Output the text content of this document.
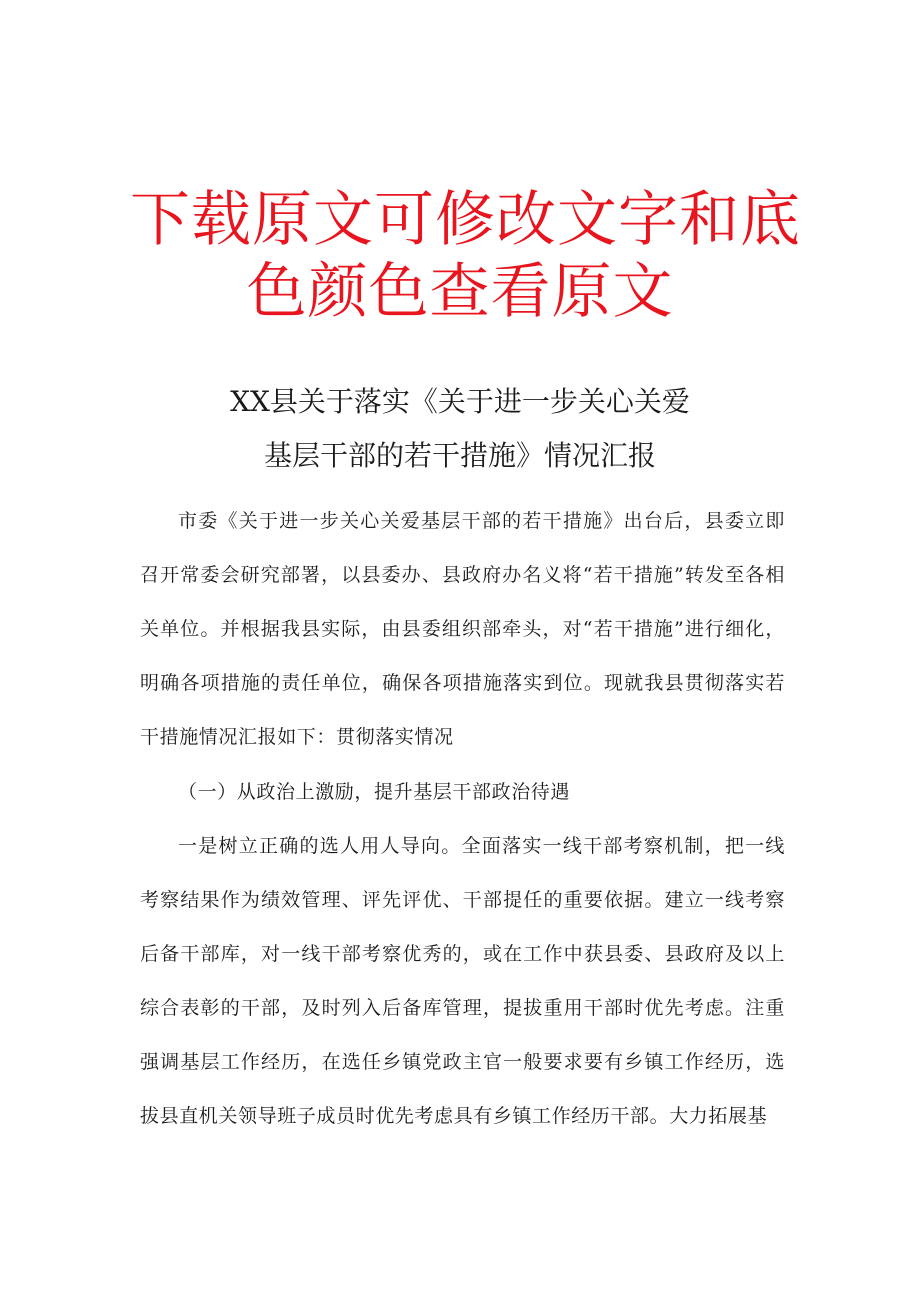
下载原文可修改文字和底
色颜色查看原文
XX县关于落实《关于进一步关心关爱
基层干部的若干措施》情况汇报

市委《关于进一步关心关爱基层干部的若干措施》出台后，县委立即召开常委会研究部署，以县委办、县政府办名义将“若干措施”转发至各相关单位。并根据我县实际，由县委组织部牵头，对“若干措施”进行细化，明确各项措施的责任单位，确保各项措施落实到位。现就我县贯彻落实若干措施情况汇报如下：贯彻落实情况

（一）从政治上激励，提升基层干部政治待遇

一是树立正确的选人用人导向。全面落实一线干部考察机制，把一线考察结果作为绩效管理、评先评优、干部提任的重要依据。建立一线考察后备干部库，对一线干部考察优秀的，或在工作中获县委、县政府及以上综合表彰的干部，及时列入后备库管理，提拔重用干部时优先考虑。注重强调基层工作经历，在选任乡镇党政主官一般要求要有乡镇工作经历，选拔县直机关领导班子成员时优先考虑具有乡镇工作经历干部。大力拓展基
